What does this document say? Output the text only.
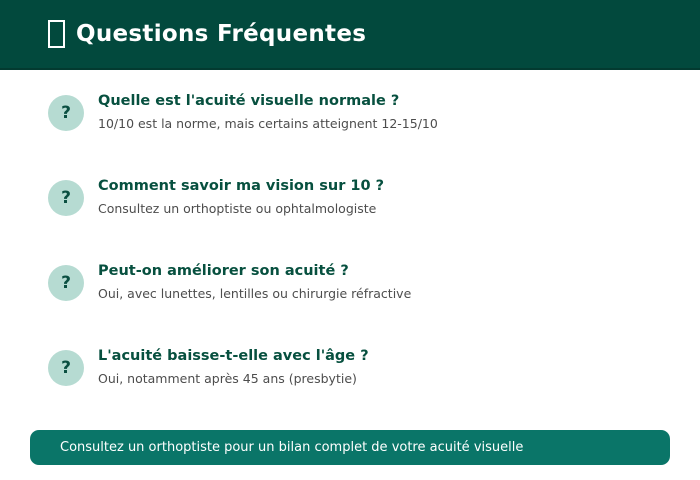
Questions Fréquentes
?

Quelle est l'acuité visuelle normale ?

10/10 est la norme, mais certains atteignent 12-15/10

?

Comment savoir ma vision sur 10 ?

Consultez un orthoptiste ou ophtalmologiste

?

Peut-on améliorer son acuité ?

Oui, avec lunettes, lentilles ou chirurgie réfractive

?

L'acuité baisse-t-elle avec l'âge ?

Oui, notamment après 45 ans (presbytie)

Consultez un orthoptiste pour un bilan complet de votre acuité visuelle
